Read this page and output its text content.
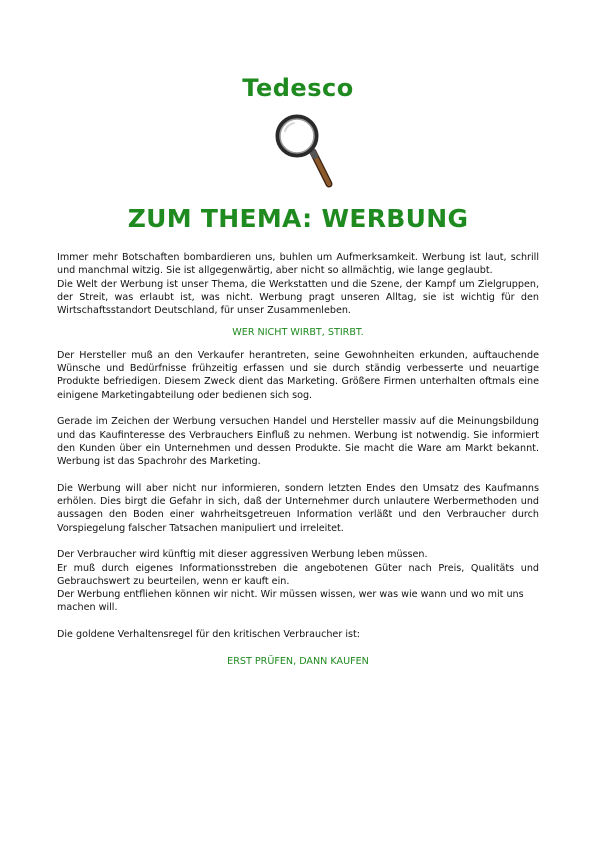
Tedesco
ZUM THEMA: WERBUNG

Immer mehr Botschaften bombardieren uns, buhlen um Aufmerksamkeit. Werbung ist laut, schrill und manchmal witzig. Sie ist allgegenwärtig, aber nicht so allmächtig, wie lange geglaubt.

Die Welt der Werbung ist unser Thema, die Werkstatten und die Szene, der Kampf um Zielgruppen, der Streit, was erlaubt ist, was nicht. Werbung pragt unseren Alltag, sie ist wichtig für den Wirtschaftsstandort Deutschland, für unser Zusammenleben.

WER NICHT WIRBT, STIRBT.

Der Hersteller muß an den Verkaufer herantreten, seine Gewohnheiten erkunden, auftauchende Wünsche und Bedürfnisse frühzeitig erfassen und sie durch ständig verbesserte und neuartige Produkte befriedigen. Diesem Zweck dient das Marketing. Größere Firmen unterhalten oftmals eine einigene Marketingabteilung oder bedienen sich sog.

Gerade im Zeichen der Werbung versuchen Handel und Hersteller massiv auf die Meinungsbildung und das Kaufinteresse des Verbrauchers Einfluß zu nehmen. Werbung ist notwendig. Sie informiert den Kunden über ein Unternehmen und dessen Produkte. Sie macht die Ware am Markt bekannt. Werbung ist das Spachrohr des Marketing.

Die Werbung will aber nicht nur informieren, sondern letzten Endes den Umsatz des Kaufmanns erhölen. Dies birgt die Gefahr in sich, daß der Unternehmer durch unlautere Werbermethoden und aussagen den Boden einer wahrheitsgetreuen Information verläßt und den Verbraucher durch Vorspiegelung falscher Tatsachen manipuliert und irreleitet.

Der Verbraucher wird künftig mit dieser aggressiven Werbung leben müssen.

Er muß durch eigenes Informationsstreben die angebotenen Güter nach Preis, Qualitäts und Gebrauchswert zu beurteilen, wenn er kauft ein.

Der Werbung entfliehen können wir nicht. Wir müssen wissen, wer was wie wann und wo mit uns machen will.

Die goldene Verhaltensregel für den kritischen Verbraucher ist:

ERST PRÜFEN, DANN KAUFEN
